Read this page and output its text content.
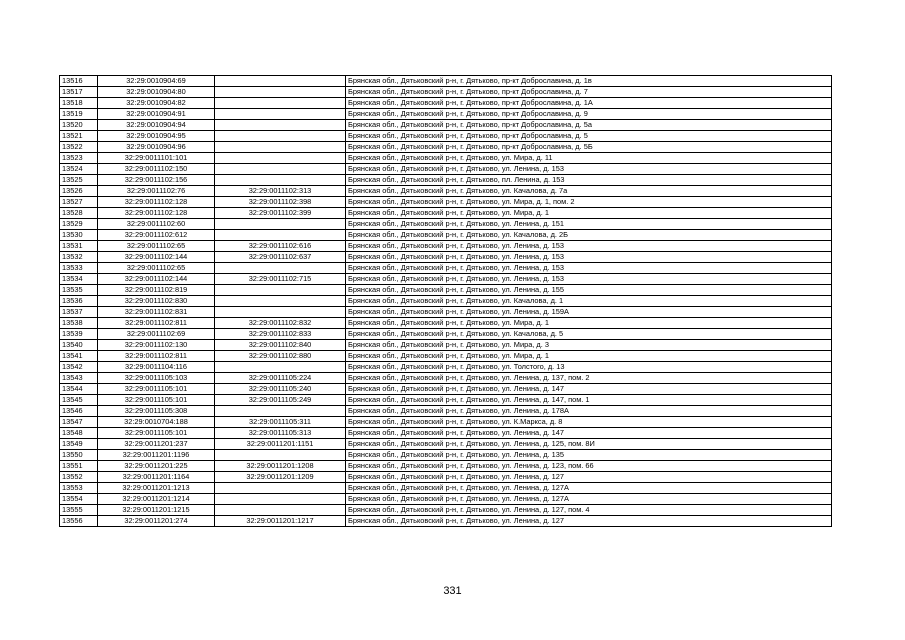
13516	32:29:0010904:69		Брянская обл., Дятьковский р-н, г. Дятьково, пр-кт Доброславина, д. 1в
13517	32:29:0010904:80		Брянская обл., Дятьковский р-н, г. Дятьково, пр-кт Доброславина, д. 7
13518	32:29:0010904:82		Брянская обл., Дятьковский р-н, г. Дятьково, пр-кт Доброславина, д. 1А
13519	32:29:0010904:91		Брянская обл., Дятьковский р-н, г. Дятьково, пр-кт Доброславина, д. 9
13520	32:29:0010904:94		Брянская обл., Дятьковский р-н, г. Дятьково, пр-кт Доброславина, д. 5а
13521	32:29:0010904:95		Брянская обл., Дятьковский р-н, г. Дятьково, пр-кт Доброславина, д. 5
13522	32:29:0010904:96		Брянская обл., Дятьковский р-н, г. Дятьково, пр-кт Доброславина, д. 5Б
13523	32:29:0011101:101		Брянская обл., Дятьковский р-н, г. Дятьково, ул. Мира, д. 11
13524	32:29:0011102:150		Брянская обл., Дятьковский р-н, г. Дятьково, ул. Ленина, д. 153
13525	32:29:0011102:156		Брянская обл., Дятьковский р-н, г. Дятьково, пл. Ленина, д. 153
13526	32:29:0011102:76	32:29:0011102:313	Брянская обл., Дятьковский р-н, г. Дятьково, ул. Качалова, д. 7а
13527	32:29:0011102:128	32:29:0011102:398	Брянская обл., Дятьковский р-н, г. Дятьково, ул. Мира, д. 1, пом. 2
13528	32:29:0011102:128	32:29:0011102:399	Брянская обл., Дятьковский р-н, г. Дятьково, ул. Мира, д. 1
13529	32:29:0011102:60		Брянская обл., Дятьковский р-н, г. Дятьково, ул. Ленина, д. 151
13530	32:29:0011102:612		Брянская обл., Дятьковский р-н, г. Дятьково, ул. Качалова, д. 2Б
13531	32:29:0011102:65	32:29:0011102:616	Брянская обл., Дятьковский р-н, г. Дятьково, ул. Ленина, д. 153
13532	32:29:0011102:144	32:29:0011102:637	Брянская обл., Дятьковский р-н, г. Дятьково, ул. Ленина, д. 153
13533	32:29:0011102:65		Брянская обл., Дятьковский р-н, г. Дятьково, ул. Ленина, д. 153
13534	32:29:0011102:144	32:29:0011102:715	Брянская обл., Дятьковский р-н, г. Дятьково, ул. Ленина, д. 153
13535	32:29:0011102:819		Брянская обл., Дятьковский р-н, г. Дятьково, ул. Ленина, д. 155
13536	32:29:0011102:830		Брянская обл., Дятьковский р-н, г. Дятьково, ул. Качалова, д. 1
13537	32:29:0011102:831		Брянская обл., Дятьковский р-н, г. Дятьково, ул. Ленина, д. 159А
13538	32:29:0011102:811	32:29:0011102:832	Брянская обл., Дятьковский р-н, г. Дятьково, ул. Мира, д. 1
13539	32:29:0011102:69	32:29:0011102:833	Брянская обл., Дятьковский р-н, г. Дятьково, ул. Качалова, д. 5
13540	32:29:0011102:130	32:29:0011102:840	Брянская обл., Дятьковский р-н, г. Дятьково, ул. Мира, д. 3
13541	32:29:0011102:811	32:29:0011102:880	Брянская обл., Дятьковский р-н, г. Дятьково, ул. Мира, д. 1
13542	32:29:0011104:116		Брянская обл., Дятьковский р-н, г. Дятьково, ул. Толстого, д. 13
13543	32:29:0011105:103	32:29:0011105:224	Брянская обл., Дятьковский р-н, г. Дятьково, ул. Ленина, д. 137, пом. 2
13544	32:29:0011105:101	32:29:0011105:240	Брянская обл., Дятьковский р-н, г. Дятьково, ул. Ленина, д. 147
13545	32:29:0011105:101	32:29:0011105:249	Брянская обл., Дятьковский р-н, г. Дятьково, ул. Ленина, д. 147, пом. 1
13546	32:29:0011105:308		Брянская обл., Дятьковский р-н, г. Дятьково, ул. Ленина, д. 178А
13547	32:29:0010704:188	32:29:0011105:311	Брянская обл., Дятьковский р-н, г. Дятьково, ул. К.Маркса, д. 8
13548	32:29:0011105:101	32:29:0011105:313	Брянская обл., Дятьковский р-н, г. Дятьково, ул. Ленина, д. 147
13549	32:29:0011201:237	32:29:0011201:1151	Брянская обл., Дятьковский р-н, г. Дятьково, ул. Ленина, д. 125, пом. 8И
13550	32:29:0011201:1196		Брянская обл., Дятьковский р-н, г. Дятьково, ул. Ленина, д. 135
13551	32:29:0011201:225	32:29:0011201:1208	Брянская обл., Дятьковский р-н, г. Дятьково, ул. Ленина, д. 123, пом. 66
13552	32:29:0011201:1164	32:29:0011201:1209	Брянская обл., Дятьковский р-н, г. Дятьково, ул. Ленина, д. 127
13553	32:29:0011201:1213		Брянская обл., Дятьковский р-н, г. Дятьково, ул. Ленина, д. 127А
13554	32:29:0011201:1214		Брянская обл., Дятьковский р-н, г. Дятьково, ул. Ленина, д. 127А
13555	32:29:0011201:1215		Брянская обл., Дятьковский р-н, г. Дятьково, ул. Ленина, д. 127, пом. 4
13556	32:29:0011201:274	32:29:0011201:1217	Брянская обл., Дятьковский р-н, г. Дятьково, ул. Ленина, д. 127
331
